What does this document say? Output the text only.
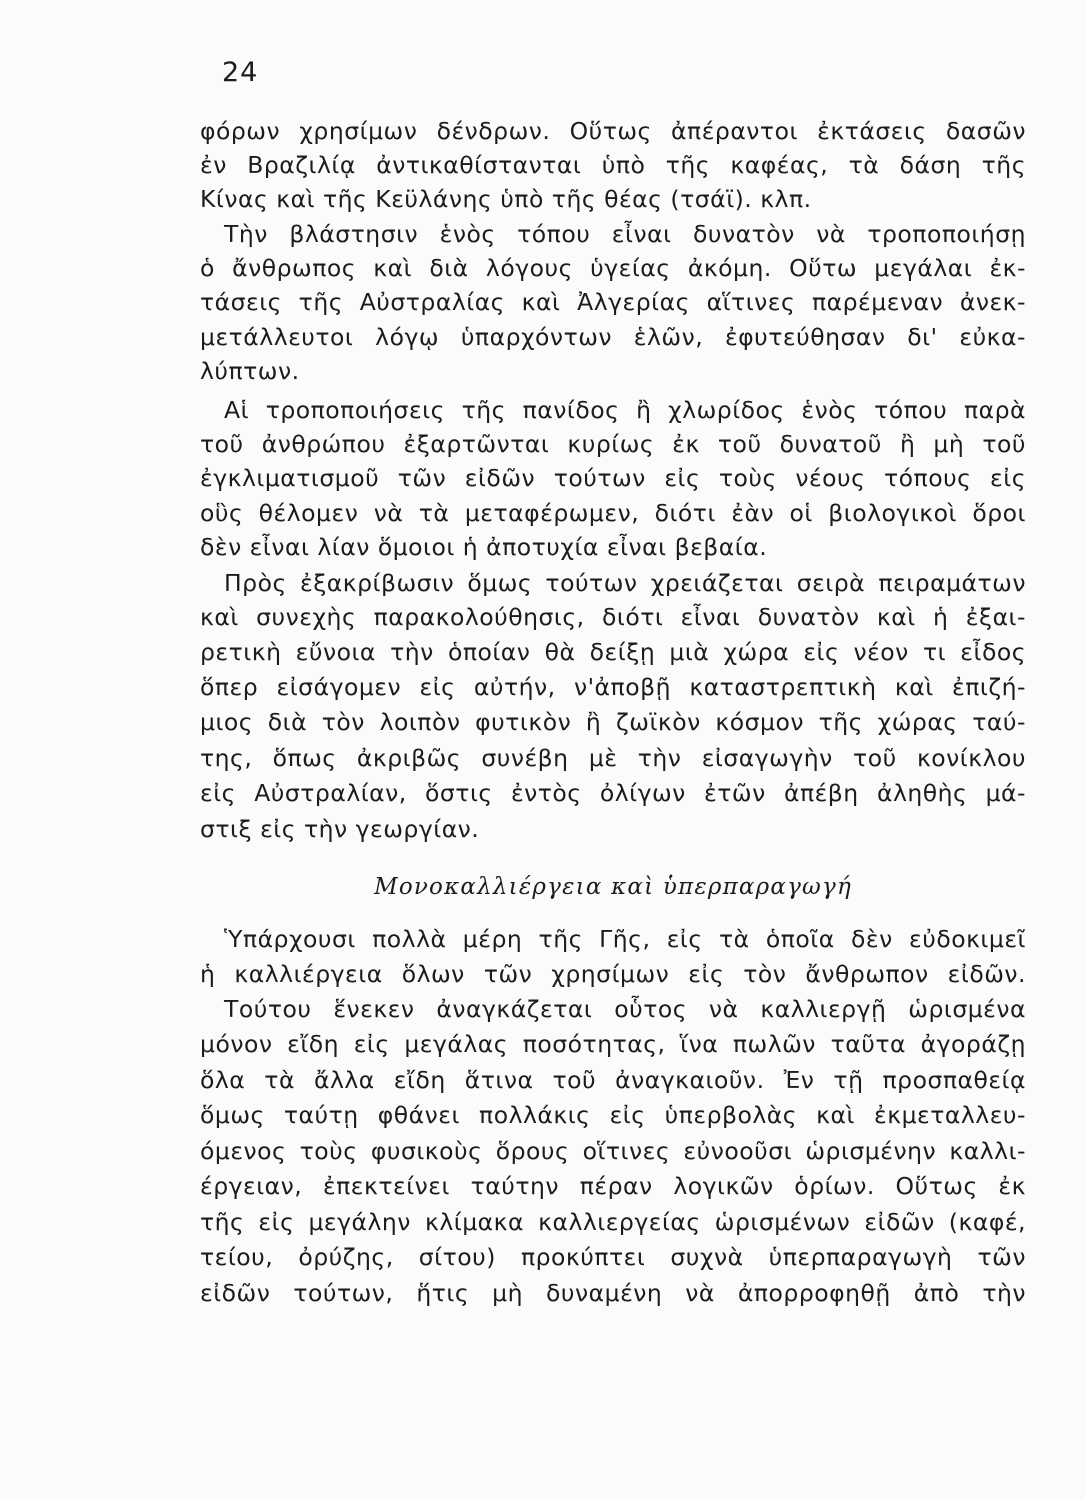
24
φόρων χρησίμων δένδρων. Οὕτως ἀπέραντοι ἐκτάσεις δασῶν
ἐν Βραζιλίᾳ ἀντικαθίστανται ὑπὸ τῆς καφέας, τὰ δάση τῆς
Κίνας καὶ τῆς Κεϋλάνης ὑπὸ τῆς θέας (τσάϊ). κλπ.
Τὴν βλάστησιν ἑνὸς τόπου εἶναι δυνατὸν νὰ τροποποιήσῃ
ὁ ἄνθρωπος καὶ διὰ λόγους ὑγείας ἀκόμη. Οὕτω μεγάλαι ἐκ-
τάσεις τῆς Αὐστραλίας καὶ Ἀλγερίας αἵτινες παρέμεναν ἀνεκ-
μετάλλευτοι λόγῳ ὑπαρχόντων ἑλῶν, ἐφυτεύθησαν δι' εὐκα-
λύπτων.
Αἱ τροποποιήσεις τῆς πανίδος ἢ χλωρίδος ἑνὸς τόπου παρὰ
τοῦ ἀνθρώπου ἐξαρτῶνται κυρίως ἐκ τοῦ δυνατοῦ ἢ μὴ τοῦ
ἐγκλιματισμοῦ τῶν εἰδῶν τούτων εἰς τοὺς νέους τόπους εἰς
οὓς θέλομεν νὰ τὰ μεταφέρωμεν, διότι ἐὰν οἱ βιολογικοὶ ὅροι
δὲν εἶναι λίαν ὅμοιοι ἡ ἀποτυχία εἶναι βεβαία.
Πρὸς ἐξακρίβωσιν ὅμως τούτων χρειάζεται σειρὰ πειραμάτων
καὶ συνεχὴς παρακολούθησις, διότι εἶναι δυνατὸν καὶ ἡ ἐξαι-
ρετικὴ εὔνοια τὴν ὁποίαν θὰ δείξῃ μιὰ χώρα εἰς νέον τι εἶδος
ὅπερ εἰσάγομεν εἰς αὐτήν, ν'ἀποβῇ καταστρεπτικὴ καὶ ἐπιζή-
μιος διὰ τὸν λοιπὸν φυτικὸν ἢ ζωϊκὸν κόσμον τῆς χώρας ταύ-
της, ὅπως ἀκριβῶς συνέβη μὲ τὴν εἰσαγωγὴν τοῦ κονίκλου
εἰς Αὐστραλίαν, ὅστις ἐντὸς ὀλίγων ἐτῶν ἀπέβη ἀληθὴς μά-
στιξ εἰς τὴν γεωργίαν.
Μονοκαλλιέργεια καὶ ὑπερπαραγωγή
Ὑπάρχουσι πολλὰ μέρη τῆς Γῆς, εἰς τὰ ὁποῖα δὲν εὐδοκιμεῖ
ἡ καλλιέργεια ὅλων τῶν χρησίμων εἰς τὸν ἄνθρωπον εἰδῶν.
Τούτου ἕνεκεν ἀναγκάζεται οὗτος νὰ καλλιεργῇ ὡρισμένα
μόνον εἴδη εἰς μεγάλας ποσότητας, ἵνα πωλῶν ταῦτα ἀγοράζῃ
ὅλα τὰ ἄλλα εἴδη ἅτινα τοῦ ἀναγκαιοῦν. Ἐν τῇ προσπαθείᾳ
ὅμως ταύτῃ φθάνει πολλάκις εἰς ὑπερβολὰς καὶ ἐκμεταλλευ-
όμενος τοὺς φυσικοὺς ὅρους οἵτινες εὐνοοῦσι ὡρισμένην καλλι-
έργειαν, ἐπεκτείνει ταύτην πέραν λογικῶν ὁρίων. Οὕτως ἐκ
τῆς εἰς μεγάλην κλίμακα καλλιεργείας ὡρισμένων εἰδῶν (καφέ,
τείου, ὀρύζης, σίτου) προκύπτει συχνὰ ὑπερπαραγωγὴ τῶν
εἰδῶν τούτων, ἥτις μὴ δυναμένη νὰ ἀπορροφηθῇ ἀπὸ τὴν
